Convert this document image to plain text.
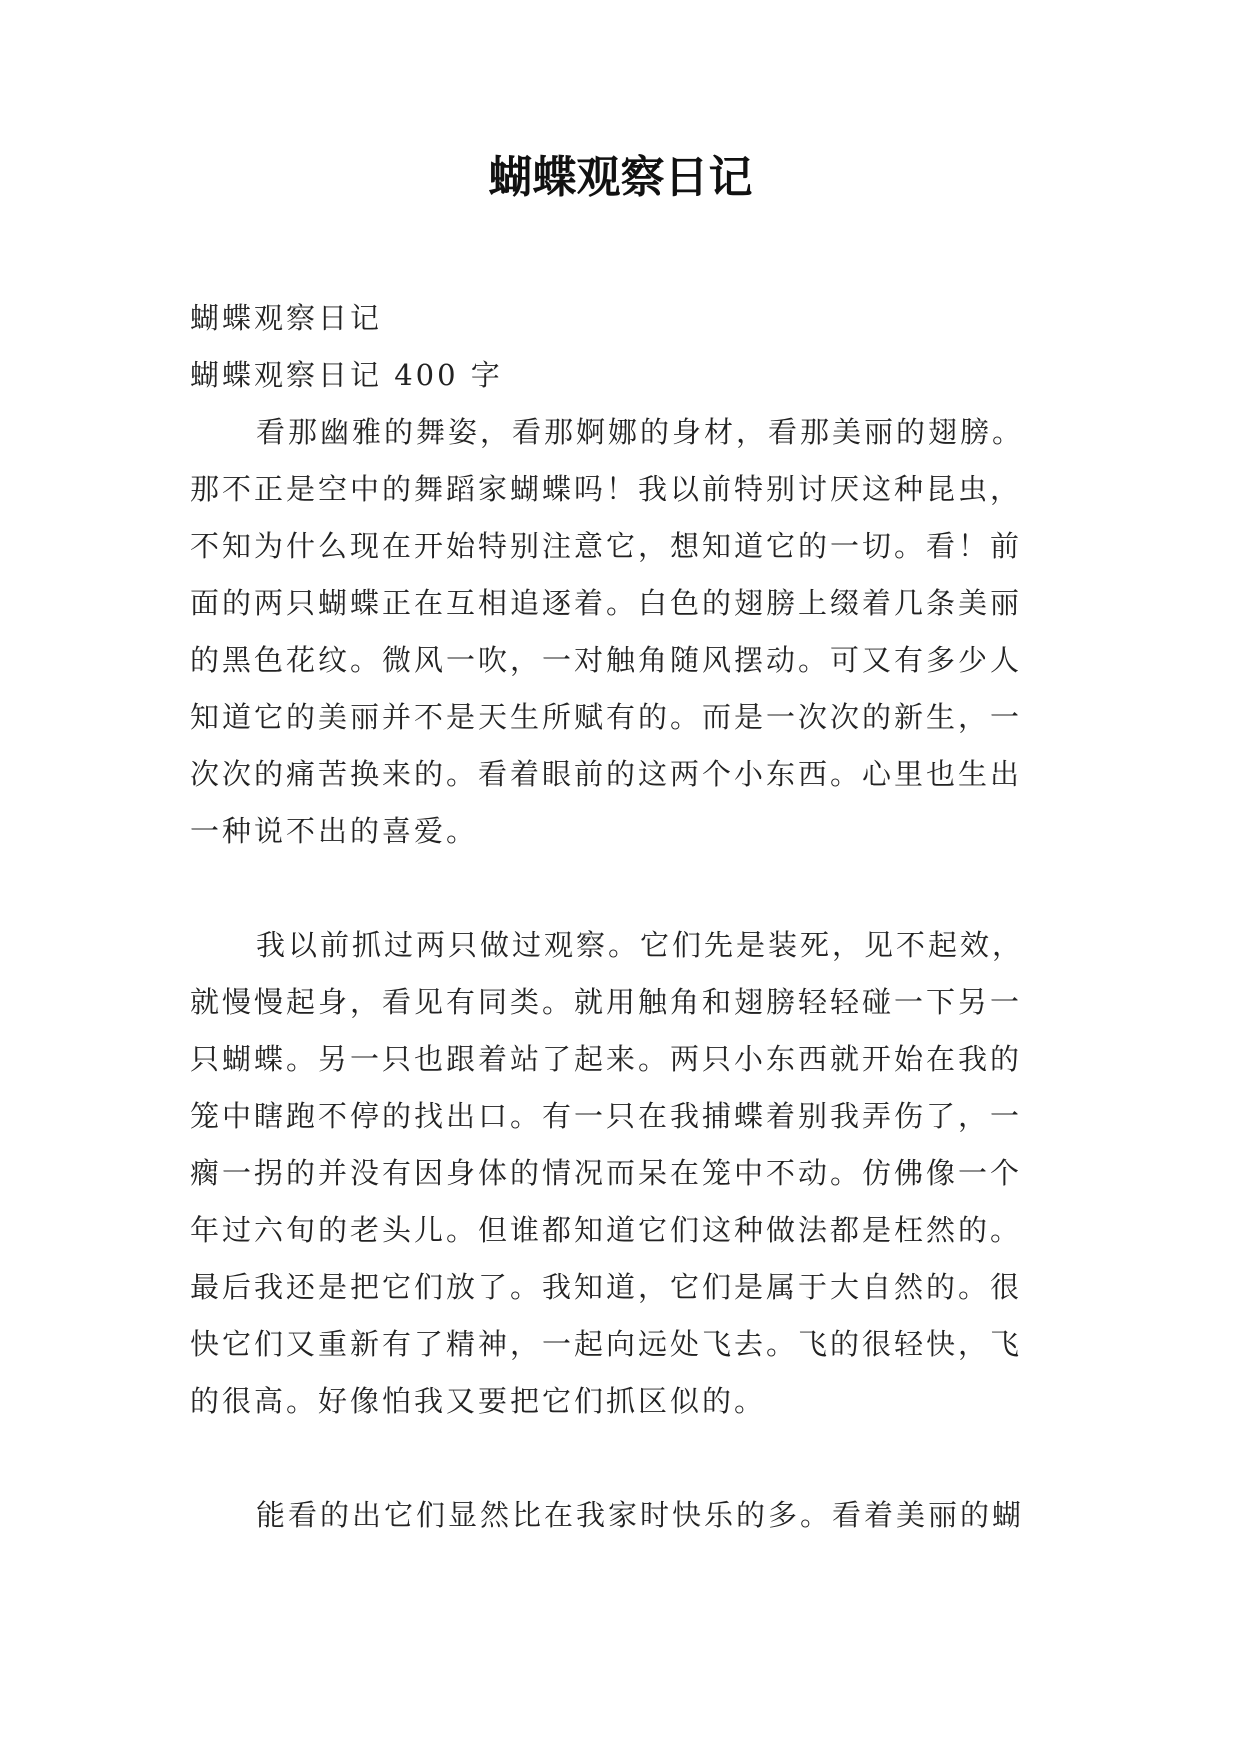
蝴蝶观察日记
蝴蝶观察日记
蝴蝶观察日记 400 字
看那幽雅的舞姿，看那婀娜的身材，看那美丽的翅膀。
那不正是空中的舞蹈家蝴蝶吗！我以前特别讨厌这种昆虫，
不知为什么现在开始特别注意它，想知道它的一切。看！前
面的两只蝴蝶正在互相追逐着。白色的翅膀上缀着几条美丽
的黑色花纹。微风一吹，一对触角随风摆动。可又有多少人
知道它的美丽并不是天生所赋有的。而是一次次的新生，一
次次的痛苦换来的。看着眼前的这两个小东西。心里也生出
一种说不出的喜爱。
我以前抓过两只做过观察。它们先是装死，见不起效，
就慢慢起身，看见有同类。就用触角和翅膀轻轻碰一下另一
只蝴蝶。另一只也跟着站了起来。两只小东西就开始在我的
笼中瞎跑不停的找出口。有一只在我捕蝶着别我弄伤了，一
瘸一拐的并没有因身体的情况而呆在笼中不动。仿佛像一个
年过六旬的老头儿。但谁都知道它们这种做法都是枉然的。
最后我还是把它们放了。我知道，它们是属于大自然的。很
快它们又重新有了精神，一起向远处飞去。飞的很轻快，飞
的很高。好像怕我又要把它们抓区似的。
能看的出它们显然比在我家时快乐的多。看着美丽的蝴
